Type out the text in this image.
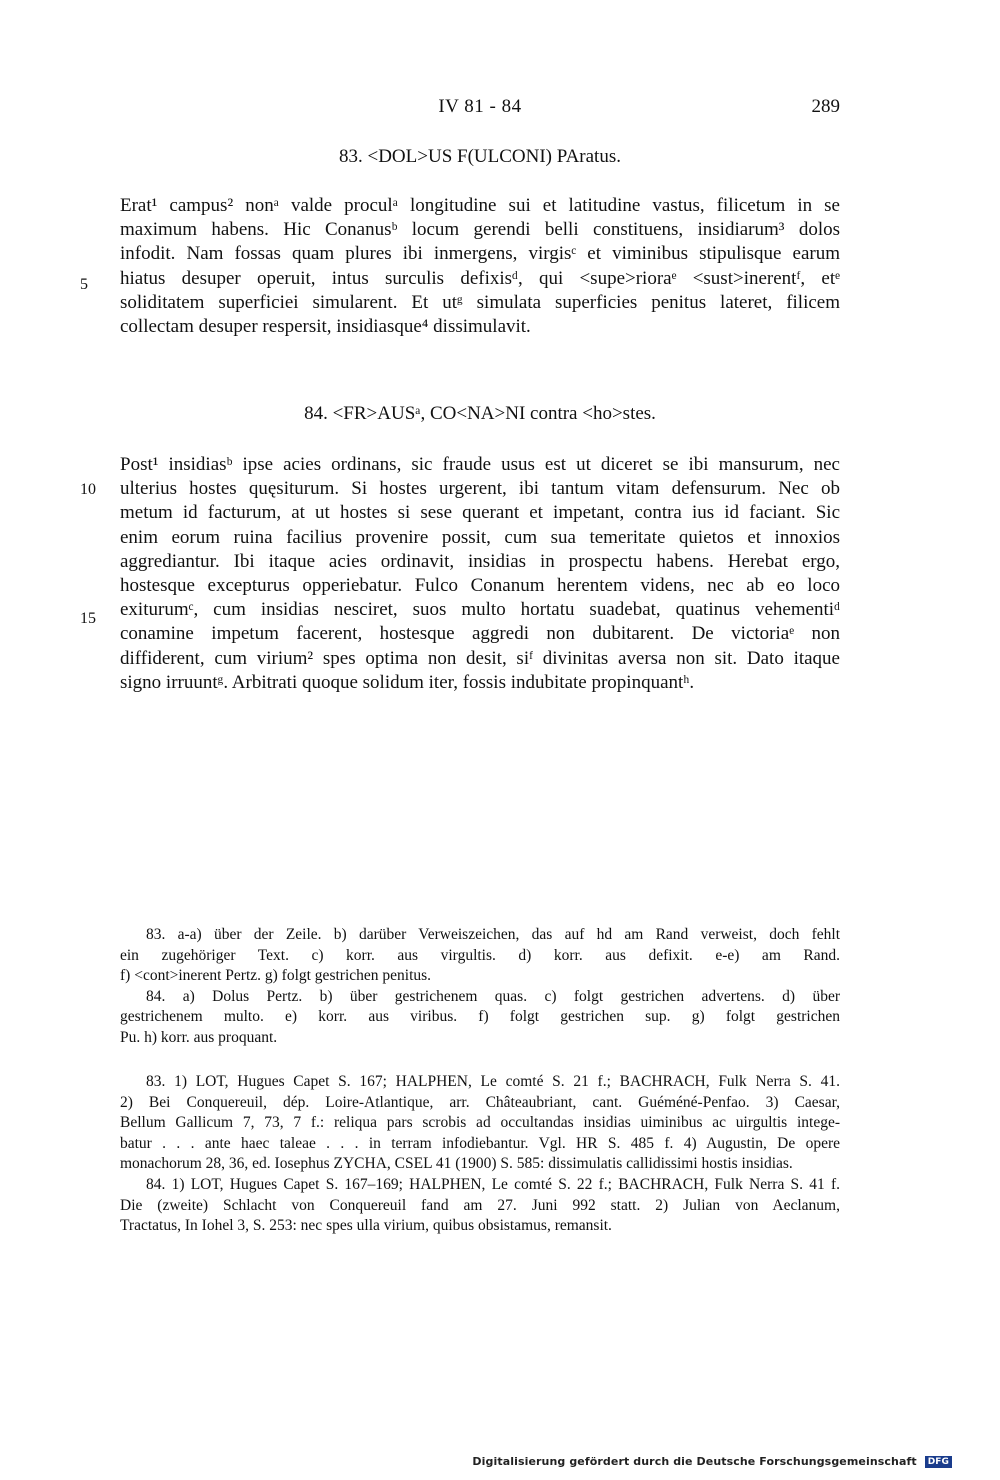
IV 81 - 84	289
83. <DOL>US F(ULCONI) PAratus.
Erat¹ campus² nonᵃ valde proculᵃ longitudine sui et latitudine vastus, filicetum in se
maximum habens. Hic Conanusᵇ locum gerendi belli constituens, insidiarum³ dolos
infodit. Nam fossas quam plures ibi inmergens, virgisᶜ et viminibus stipulisque earum
hiatus desuper operuit, intus surculis defixisᵈ, qui <supe>rioraᵉ <sust>inerentᶠ, etᵉ
soliditatem superficiei simularent. Et utᵍ simulata superficies penitus lateret, filicem
collectam desuper respersit, insidiasque⁴ dissimulavit.
5
84. <FR>AUSᵃ, CO<NA>NI contra <ho>stes.
Post¹ insidiasᵇ ipse acies ordinans, sic fraude usus est ut diceret se ibi mansurum, nec
ulterius hostes quęsiturum. Si hostes urgerent, ibi tantum vitam defensurum. Nec ob
metum id facturum, at ut hostes si sese querant et impetant, contra ius id faciant. Sic
enim eorum ruina facilius provenire possit, cum sua temeritate quietos et innoxios
aggrediantur. Ibi itaque acies ordinavit, insidias in prospectu habens. Herebat ergo,
hostesque excepturus opperiebatur. Fulco Conanum herentem videns, nec ab eo loco
exiturumᶜ, cum insidias nesciret, suos multo hortatu suadebat, quatinus vehementiᵈ
conamine impetum facerent, hostesque aggredi non dubitarent. De victoriaᵉ non
diffiderent, cum virium² spes optima non desit, siᶠ divinitas aversa non sit. Dato itaque
signo irruuntᵍ. Arbitrati quoque solidum iter, fossis indubitate propinquantʰ.
10
15
83. a-a) über der Zeile. b) darüber Verweiszeichen, das auf hd am Rand verweist, doch fehlt
ein zugehöriger Text. c) korr. aus virgultis. d) korr. aus defixit. e-e) am Rand.
f) <cont>inerent Pertz. g) folgt gestrichen penitus.
84. a) Dolus Pertz. b) über gestrichenem quas. c) folgt gestrichen advertens. d) über
gestrichenem multo. e) korr. aus viribus. f) folgt gestrichen sup. g) folgt gestrichen
Pu. h) korr. aus proquant.
83. 1) LOT, Hugues Capet S. 167; HALPHEN, Le comté S. 21 f.; BACHRACH, Fulk Nerra S. 41.
2) Bei Conquereuil, dép. Loire-Atlantique, arr. Châteaubriant, cant. Guéméné-Penfao. 3) Caesar,
Bellum Gallicum 7, 73, 7 f.: reliqua pars scrobis ad occultandas insidias uiminibus ac uirgultis intege-
batur . . . ante haec taleae . . . in terram infodiebantur. Vgl. HR S. 485 f. 4) Augustin, De opere
monachorum 28, 36, ed. Iosephus ZYCHA, CSEL 41 (1900) S. 585: dissimulatis callidissimi hostis insidias.
84. 1) LOT, Hugues Capet S. 167–169; HALPHEN, Le comté S. 22 f.; BACHRACH, Fulk Nerra S. 41 f.
Die (zweite) Schlacht von Conquereuil fand am 27. Juni 992 statt. 2) Julian von Aeclanum,
Tractatus, In Iohel 3, S. 253: nec spes ulla virium, quibus obsistamus, remansit.
Digitalisierung gefördert durch die Deutsche Forschungsgemeinschaft DFG
